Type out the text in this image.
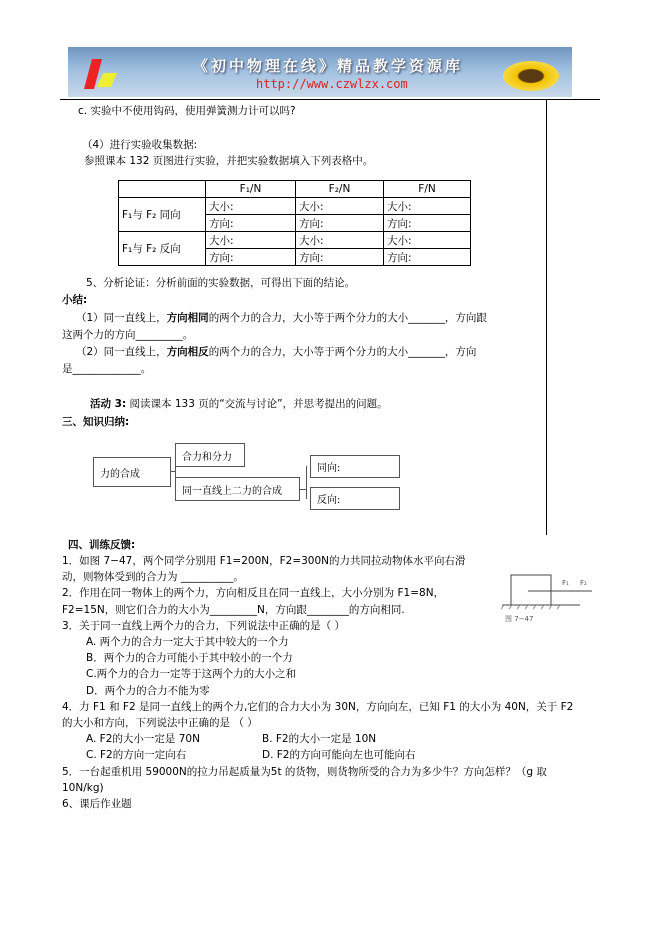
《初中物理在线》精品教学资源库
http://www.czwlzx.com
c. 实验中不使用钩码，使用弹簧测力计可以吗?
（4）进行实验收集数据:
参照课本 132 页图进行实验，并把实验数据填入下列表格中。
	F₁/N	F₂/N	F/N
F₁与 F₂ 同向	大小:	大小:	大小:
	方向:	方向:	方向:
F₁与 F₂ 反向	大小:	大小:	大小:
	方向:	方向:	方向:
5、分析论证：分析前面的实验数据，可得出下面的结论。
小结:
（1）同一直线上，方向相同的两个力的合力，大小等于两个分力的大小_______，方向跟
这两个力的方向_________。
（2）同一直线上，方向相反的两个力的合力，大小等于两个分力的大小_______，方向
是_____________。
活动 3: 阅读课本 133 页的“交流与讨论”，并思考提出的问题。
三、知识归纳:
力的合成
合力和分力
同一直线上二力的合成
同向:
反向:
四、训练反馈:
1．如图 7−47，两个同学分别用 F1=200N，F2=300N的力共同拉动物体水平向右滑
动，则物体受到的合力为 __________。
2．作用在同一物体上的两个力，方向相反且在同一直线上，大小分别为 F1=8N，
F2=15N，则它们合力的大小为_________N，方向跟________的方向相同.
3．关于同一直线上两个力的合力，下列说法中正确的是（ ）
A. 两个力的合力一定大于其中较大的一个力
B．两个力的合力可能小于其中较小的一个力
C.两个力的合力一定等于这两个力的大小之和
D．两个力的合力不能为零
4．力 F1 和 F2 是同一直线上的两个力,它们的合力大小为 30N，方向向左，已知 F1 的大小为 40N，关于 F2
的大小和方向，下列说法中正确的是 （ ）
A. F2的大小一定是 70N	B. F2的大小一定是 10N
C. F2的方向一定向右	D. F2的方向可能向左也可能向右
5．一台起重机用 59000N的拉力吊起质量为5t 的货物，则货物所受的合力为多少牛？方向怎样？（g 取
10N/kg)
6、课后作业题
F₁ F₂
图 7−47
